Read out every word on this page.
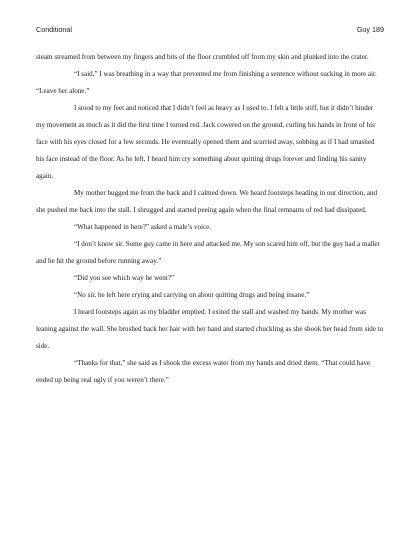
Conditional	Guy 189

steam streamed from between my fingers and bits of the floor crumbled off from my skin and plunked into the crater.

“I said,” I was breathing in a way that prevented me from finishing a sentence without sucking in more air. “Leave her alone.”

I stood to my feet and noticed that I didn’t feel as heavy as I used to. I felt a little stiff, but it didn’t hinder my movement as much as it did the first time I turned red. Jack cowered on the ground, curling his hands in front of his face with his eyes closed for a few seconds. He eventually opened them and scurried away, sobbing as if I had smashed his face instead of the floor. As he left, I heard him cry something about quitting drugs forever and finding his sanity again.

My mother hugged me from the back and I calmed down. We heard footsteps heading in our direction, and she pushed me back into the stall. I shrugged and started peeing again when the final remnants of red had dissipated.

“What happened in here?” asked a male’s voice.

“I don’t know sir. Some guy came in here and attacked me. My son scared him off, but the guy had a mallet and he hit the ground before running away.”

“Did you see which way he went?”

“No sir, he left here crying and carrying on about quitting drugs and being insane.”

I heard footsteps again as my bladder emptied. I exited the stall and washed my hands. My mother was leaning against the wall. She brushed back her hair with her hand and started chuckling as she shook her head from side to side.

“Thanks for that,” she said as I shook the excess water from my hands and dried them. “That could have ended up being real ugly if you weren’t there.”
